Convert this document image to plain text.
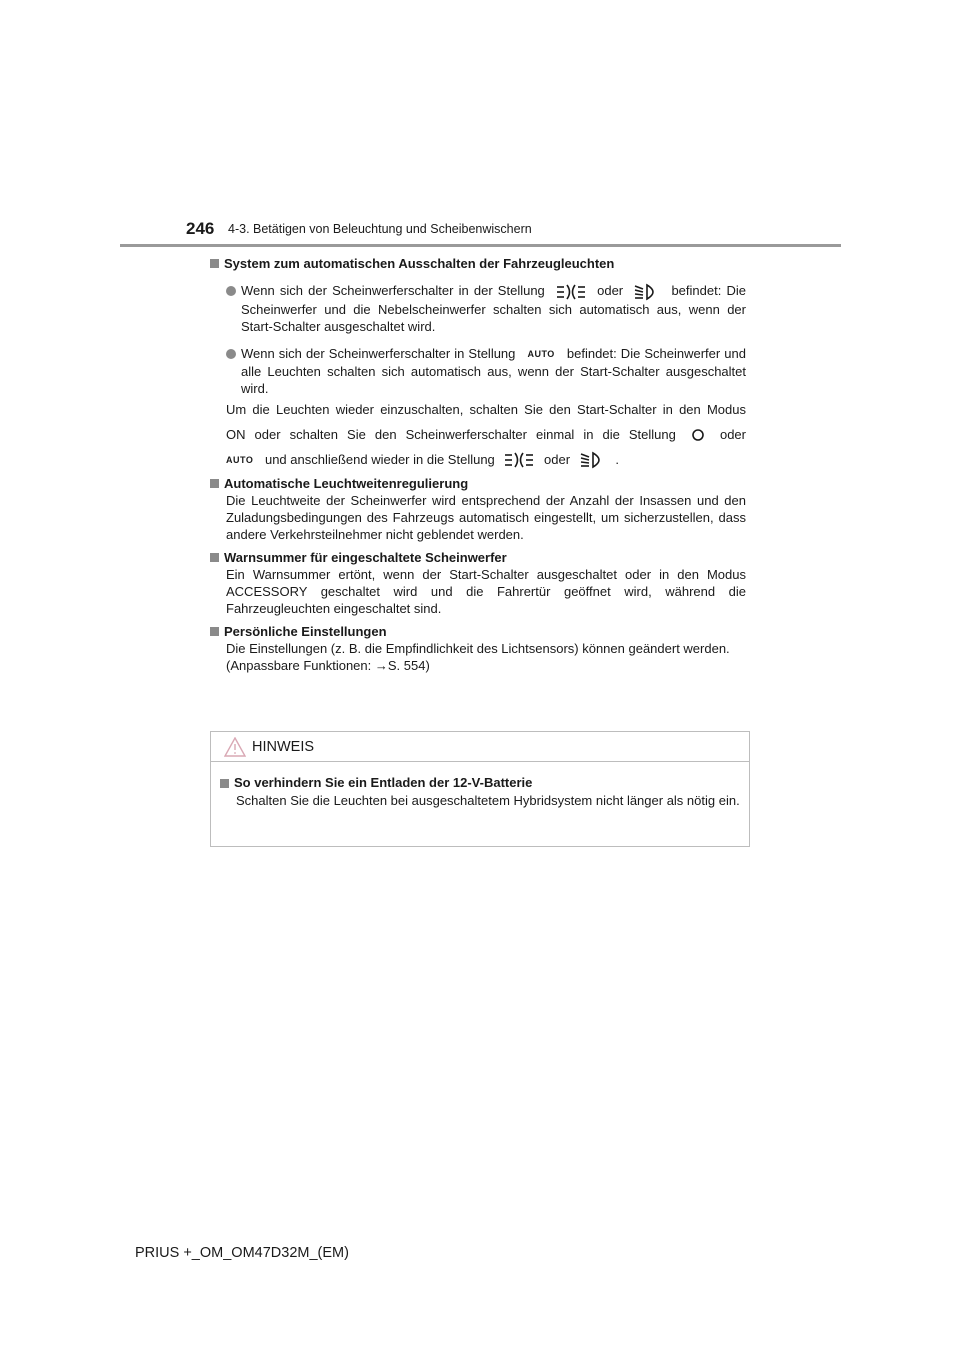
246 4-3. Betätigen von Beleuchtung und Scheibenwischern
System zum automatischen Ausschalten der Fahrzeugleuchten
Wenn sich der Scheinwerferschalter in der Stellung	oder	befindet: Die Scheinwerfer und die Nebelscheinwerfer schalten sich automatisch aus, wenn der Start-Schalter ausgeschaltet wird.
Wenn sich der Scheinwerferschalter in Stellung AUTO befindet: Die Scheinwerfer und alle Leuchten schalten sich automatisch aus, wenn der Start-Schalter ausgeschaltet wird.
Um die Leuchten wieder einzuschalten, schalten Sie den Start-Schalter in den Modus
ON oder schalten Sie den Scheinwerferschalter einmal in die Stellung	oder
AUTO und anschließend wieder in die Stellung	oder	.
Automatische Leuchtweitenregulierung
Die Leuchtweite der Scheinwerfer wird entsprechend der Anzahl der Insassen und den Zuladungsbedingungen des Fahrzeugs automatisch eingestellt, um sicherzustellen, dass andere Verkehrsteilnehmer nicht geblendet werden.
Warnsummer für eingeschaltete Scheinwerfer
Ein Warnsummer ertönt, wenn der Start-Schalter ausgeschaltet oder in den Modus ACCESSORY geschaltet wird und die Fahrertür geöffnet wird, während die Fahrzeugleuchten eingeschaltet sind.
Persönliche Einstellungen
Die Einstellungen (z. B. die Empfindlichkeit des Lichtsensors) können geändert werden.
(Anpassbare Funktionen: →S. 554)
HINWEIS
So verhindern Sie ein Entladen der 12-V-Batterie
Schalten Sie die Leuchten bei ausgeschaltetem Hybridsystem nicht länger als nötig ein.
PRIUS +_OM_OM47D32M_(EM)
